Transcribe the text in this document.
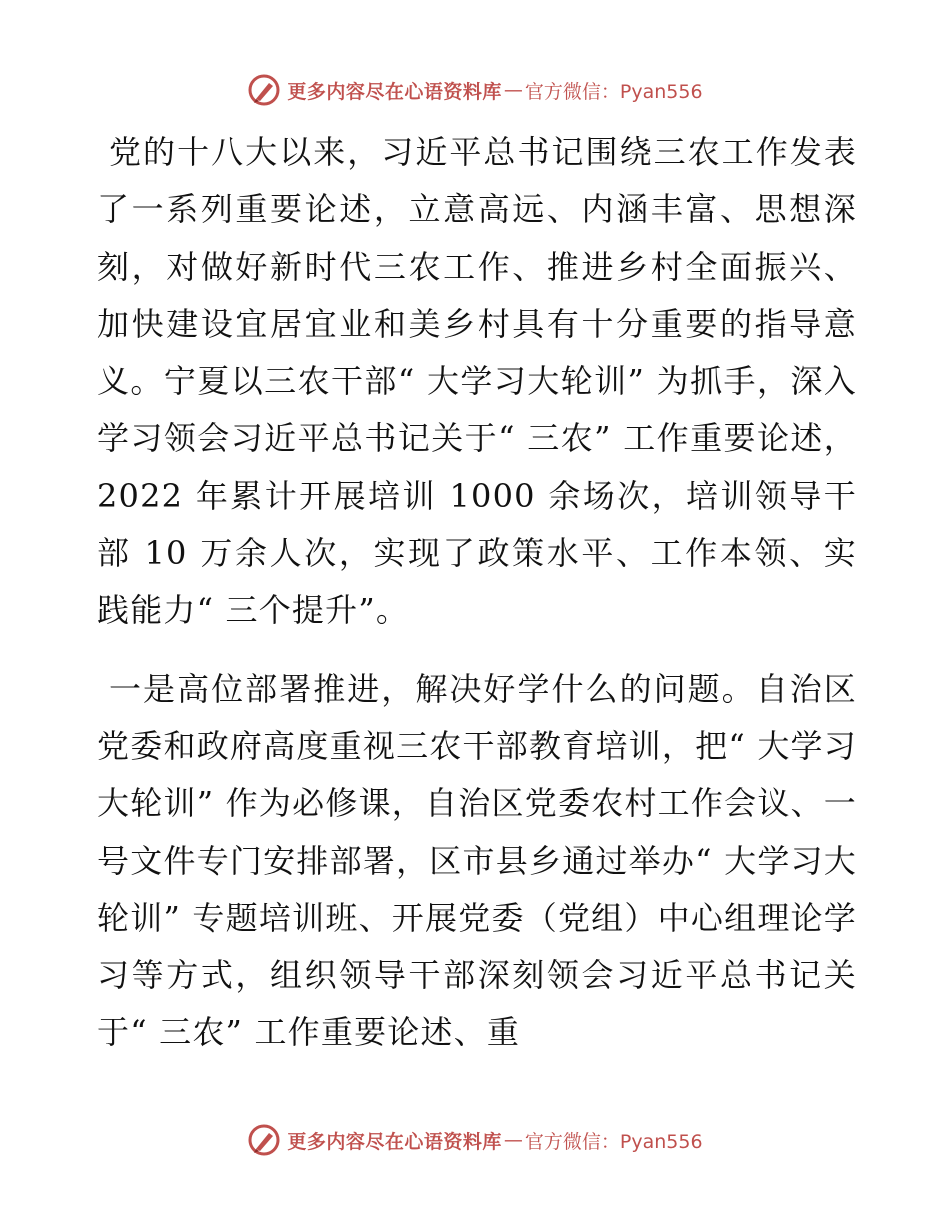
更多内容尽在心语资料库 — 官方微信：Pyan556

党的十八大以来，习近平总书记围绕三农工作发表了一系列重要论述，立意高远、内涵丰富、思想深刻，对做好新时代三农工作、推进乡村全面振兴、加快建设宜居宜业和美乡村具有十分重要的指导意义。宁夏以三农干部“ 大学习大轮训” 为抓手，深入学习领会习近平总书记关于“ 三农” 工作重要论述，2022 年累计开展培训 1000 余场次，培训领导干部 10 万余人次，实现了政策水平、工作本领、实践能力“ 三个提升”。

一是高位部署推进，解决好学什么的问题。自治区党委和政府高度重视三农干部教育培训，把“ 大学习大轮训” 作为必修课，自治区党委农村工作会议、一号文件专门安排部署，区市县乡通过举办“ 大学习大轮训” 专题培训班、开展党委（党组）中心组理论学习等方式，组织领导干部深刻领会习近平总书记关于“ 三农” 工作重要论述、重

更多内容尽在心语资料库 — 官方微信：Pyan556
